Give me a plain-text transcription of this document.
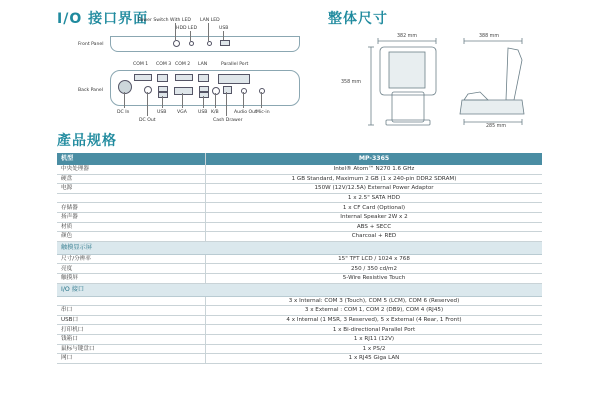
I/O 接口界面	整体尺寸
產品规格
Front Panel
Power Switch With LED
HDD LED
LAN LED
USB
Back Panel
COM 1 COM 3 COM 2 LAN	Parallel Port
DC In
DC Out
USB VGA USB K/B
Cash Drawer
Audio Out Mic-in
382 mm	388 mm
358 mm
285 mm
机型	MP-3365
中央处理器	Intel® Atom™ N270 1.6 GHz
硬盘	1 GB Standard, Maximum 2 GB (1 x 240-pin DDR2 SDRAM)
电源	150W (12V/12.5A) External Power Adaptor
	1 x 2.5" SATA HDD
存储器	1 x CF Card (Optional)
扬声器	Internal Speaker 2W x 2
材质	ABS + SECC
颜色	Charcoal + RED
触摸显示屏	
尺寸/分辨率	15" TFT LCD / 1024 x 768
亮度	250 / 350 cd/m2
触摸屏	5-Wire Resistive Touch
I/O 接口	
	3 x Internal: COM 3 (Touch), COM 5 (LCM), COM 6 (Reserved)
串口	3 x External : COM 1, COM 2 (DB9), COM 4 (RJ45)
USB口	4 x Internal (1 MSR, 3 Reserved), 5 x External (4 Rear, 1 Front)
打印机口	1 x Bi-directional Parallel Port
钱箱口	1 x RJ11 (12V)
鼠标与键盘口	1 x PS/2
网口	1 x RJ45 Giga LAN
